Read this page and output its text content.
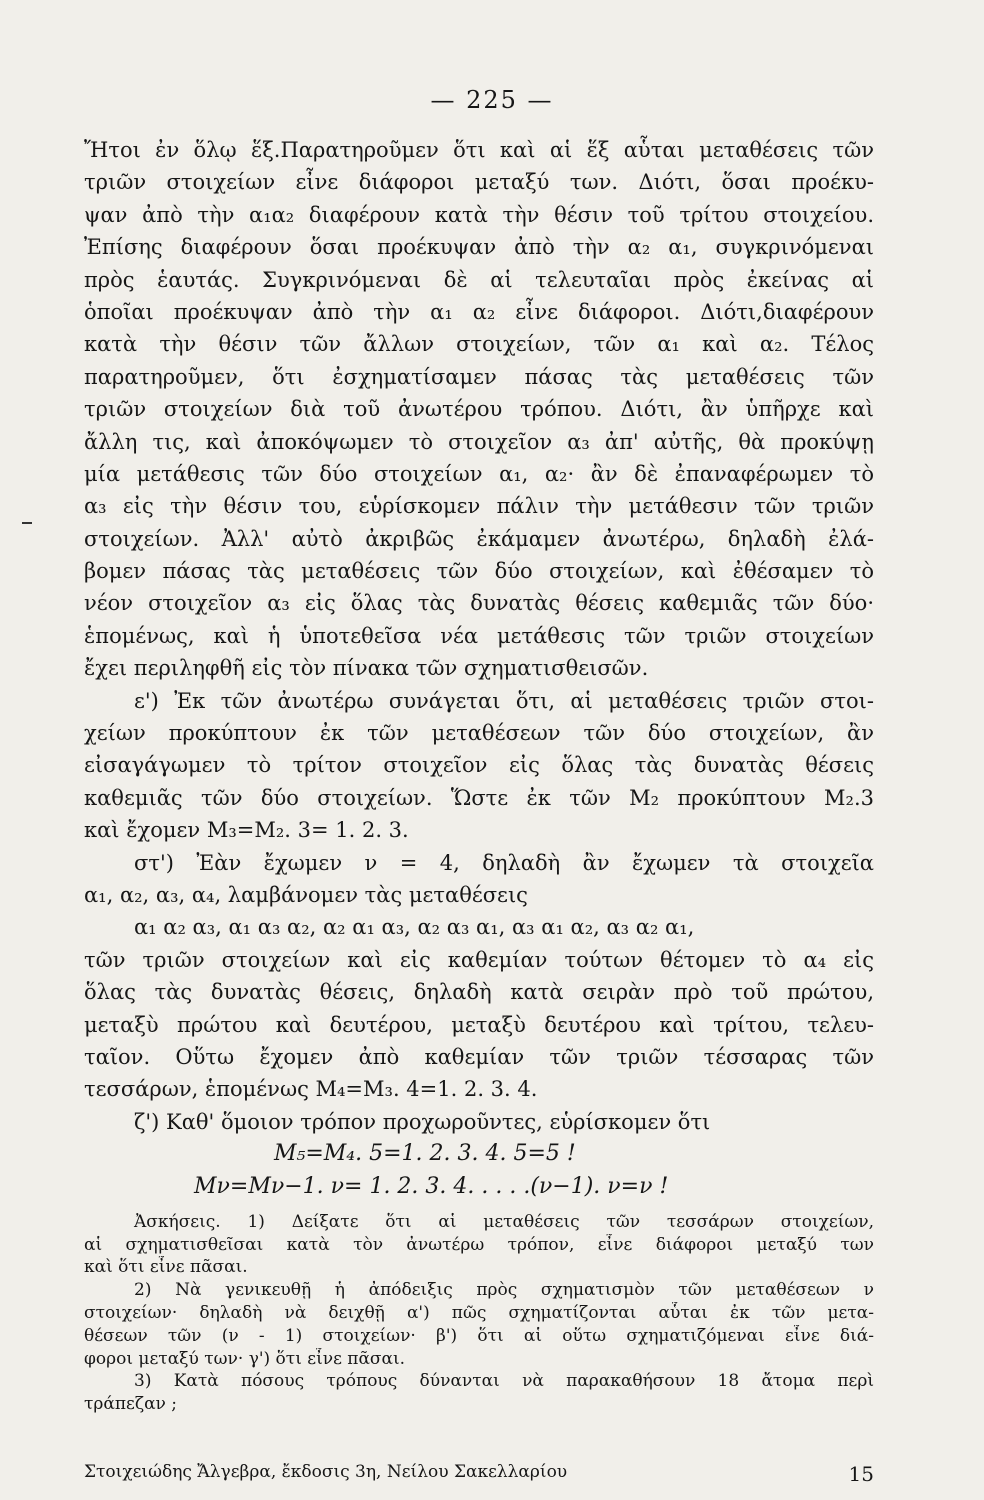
— 225 —
Ἤτοι ἐν ὅλῳ ἕξ.Παρατηροῦμεν ὅτι καὶ αἱ ἕξ αὗται μεταθέσεις τῶν
τριῶν στοιχείων εἶνε διάφοροι μεταξύ των. Διότι, ὅσαι προέκυ-
ψαν ἀπὸ τὴν α₁α₂ διαφέρουν κατὰ τὴν θέσιν τοῦ τρίτου στοιχείου.
Ἐπίσης διαφέρουν ὅσαι προέκυψαν ἀπὸ τὴν α₂ α₁, συγκρινόμεναι
πρὸς ἑαυτάς. Συγκρινόμεναι δὲ αἱ τελευταῖαι πρὸς ἐκείνας αἱ
ὁποῖαι προέκυψαν ἀπὸ τὴν α₁ α₂ εἶνε διάφοροι. Διότι,διαφέρουν
κατὰ τὴν θέσιν τῶν ἄλλων στοιχείων, τῶν α₁ καὶ α₂. Τέλος
παρατηροῦμεν, ὅτι ἐσχηματίσαμεν πάσας τὰς μεταθέσεις τῶν
τριῶν στοιχείων διὰ τοῦ ἀνωτέρου τρόπου. Διότι, ἂν ὑπῆρχε καὶ
ἄλλη τις, καὶ ἀποκόψωμεν τὸ στοιχεῖον α₃ ἀπ' αὐτῆς, θὰ προκύψῃ
μία μετάθεσις τῶν δύο στοιχείων α₁, α₂· ἂν δὲ ἐπαναφέρωμεν τὸ
α₃ εἰς τὴν θέσιν του, εὑρίσκομεν πάλιν τὴν μετάθεσιν τῶν τριῶν
στοιχείων. Ἀλλ' αὐτὸ ἀκριβῶς ἐκάμαμεν ἀνωτέρω, δηλαδὴ ἐλά-
βομεν πάσας τὰς μεταθέσεις τῶν δύο στοιχείων, καὶ ἐθέσαμεν τὸ
νέον στοιχεῖον α₃ εἰς ὅλας τὰς δυνατὰς θέσεις καθεμιᾶς τῶν δύο·
ἑπομένως, καὶ ἡ ὑποτεθεῖσα νέα μετάθεσις τῶν τριῶν στοιχείων
ἔχει περιληφθῆ εἰς τὸν πίνακα τῶν σχηματισθεισῶν.
ε') Ἐκ τῶν ἀνωτέρω συνάγεται ὅτι, αἱ μεταθέσεις τριῶν στοι-
χείων προκύπτουν ἐκ τῶν μεταθέσεων τῶν δύο στοιχείων, ἂν
εἰσαγάγωμεν τὸ τρίτον στοιχεῖον εἰς ὅλας τὰς δυνατὰς θέσεις
καθεμιᾶς τῶν δύο στοιχείων. Ὥστε ἐκ τῶν M₂ προκύπτουν M₂.3
καὶ ἔχομεν M₃=M₂. 3= 1. 2. 3.
στ') Ἐὰν ἔχωμεν ν = 4, δηλαδὴ ἂν ἔχωμεν τὰ στοιχεῖα
α₁, α₂, α₃, α₄, λαμβάνομεν τὰς μεταθέσεις
α₁ α₂ α₃, α₁ α₃ α₂, α₂ α₁ α₃, α₂ α₃ α₁, α₃ α₁ α₂, α₃ α₂ α₁,
τῶν τριῶν στοιχείων καὶ εἰς καθεμίαν τούτων θέτομεν τὸ α₄ εἰς
ὅλας τὰς δυνατὰς θέσεις, δηλαδὴ κατὰ σειρὰν πρὸ τοῦ πρώτου,
μεταξὺ πρώτου καὶ δευτέρου, μεταξὺ δευτέρου καὶ τρίτου, τελευ-
ταῖον. Οὕτω ἔχομεν ἀπὸ καθεμίαν τῶν τριῶν τέσσαρας τῶν
τεσσάρων, ἑπομένως M₄=M₃. 4=1. 2. 3. 4.
ζ') Καθ' ὅμοιον τρόπον προχωροῦντες, εὑρίσκομεν ὅτι
M₅=M₄. 5=1. 2. 3. 4. 5=5 !
Mν=Mν−1. ν= 1. 2. 3. 4. . . . .(ν−1). ν=ν !
Ἀσκήσεις. 1) Δείξατε ὅτι αἱ μεταθέσεις τῶν τεσσάρων στοιχείων,
αἱ σχηματισθεῖσαι κατὰ τὸν ἀνωτέρω τρόπον, εἶνε διάφοροι μεταξύ των
καὶ ὅτι εἶνε πᾶσαι.
2) Νὰ γενικευθῇ ἡ ἀπόδειξις πρὸς σχηματισμὸν τῶν μεταθέσεων ν
στοιχείων· δηλαδὴ νὰ δειχθῇ α') πῶς σχηματίζονται αὗται ἐκ τῶν μετα-
θέσεων τῶν (ν - 1) στοιχείων· β') ὅτι αἱ οὕτω σχηματιζόμεναι εἶνε διά-
φοροι μεταξύ των· γ') ὅτι εἶνε πᾶσαι.
3) Κατὰ πόσους τρόπους δύνανται νὰ παρακαθήσουν 18 ἄτομα περὶ
τράπεζαν ;
Στοιχειώδης Ἄλγεβρα, ἔκδοσις 3η, Νείλου Σακελλαρίου	15
